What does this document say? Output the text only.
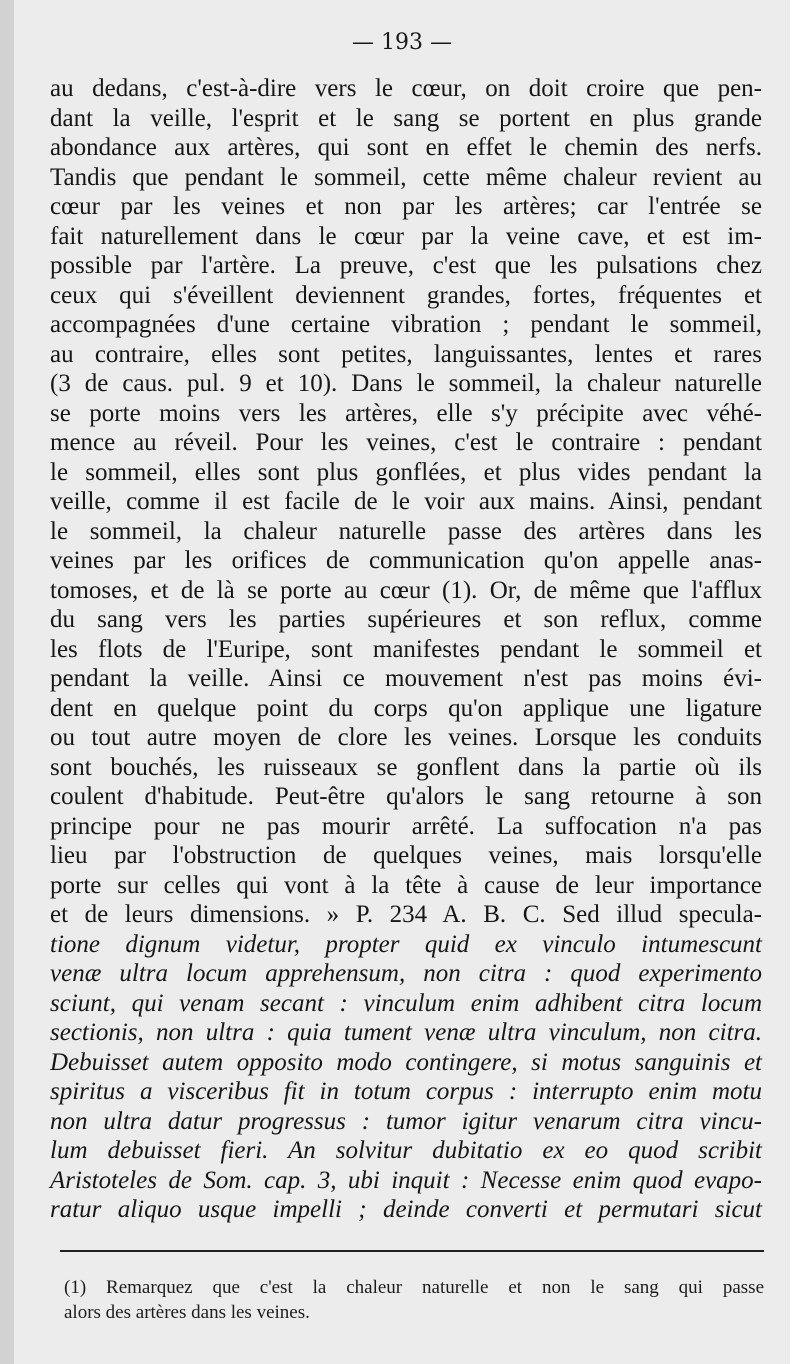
— 193 —
au dedans, c'est-à-dire vers le cœur, on doit croire que pen-
dant la veille, l'esprit et le sang se portent en plus grande
abondance aux artères, qui sont en effet le chemin des nerfs.
Tandis que pendant le sommeil, cette même chaleur revient au
cœur par les veines et non par les artères; car l'entrée se
fait naturellement dans le cœur par la veine cave, et est im-
possible par l'artère. La preuve, c'est que les pulsations chez
ceux qui s'éveillent deviennent grandes, fortes, fréquentes et
accompagnées d'une certaine vibration ; pendant le sommeil,
au contraire, elles sont petites, languissantes, lentes et rares
(3 de caus. pul. 9 et 10). Dans le sommeil, la chaleur naturelle
se porte moins vers les artères, elle s'y précipite avec véhé-
mence au réveil. Pour les veines, c'est le contraire : pendant
le sommeil, elles sont plus gonflées, et plus vides pendant la
veille, comme il est facile de le voir aux mains. Ainsi, pendant
le sommeil, la chaleur naturelle passe des artères dans les
veines par les orifices de communication qu'on appelle anas-
tomoses, et de là se porte au cœur (1). Or, de même que l'afflux
du sang vers les parties supérieures et son reflux, comme
les flots de l'Euripe, sont manifestes pendant le sommeil et
pendant la veille. Ainsi ce mouvement n'est pas moins évi-
dent en quelque point du corps qu'on applique une ligature
ou tout autre moyen de clore les veines. Lorsque les conduits
sont bouchés, les ruisseaux se gonflent dans la partie où ils
coulent d'habitude. Peut-être qu'alors le sang retourne à son
principe pour ne pas mourir arrêté. La suffocation n'a pas
lieu par l'obstruction de quelques veines, mais lorsqu'elle
porte sur celles qui vont à la tête à cause de leur importance
et de leurs dimensions. » P. 234 A. B. C. Sed illud specula-
tione dignum videtur, propter quid ex vinculo intumescunt
venæ ultra locum apprehensum, non citra : quod experimento
sciunt, qui venam secant : vinculum enim adhibent citra locum
sectionis, non ultra : quia tument venæ ultra vinculum, non citra.
Debuisset autem opposito modo contingere, si motus sanguinis et
spiritus a visceribus fit in totum corpus : interrupto enim motu
non ultra datur progressus : tumor igitur venarum citra vincu-
lum debuisset fieri. An solvitur dubitatio ex eo quod scribit
Aristoteles de Som. cap. 3, ubi inquit : Necesse enim quod evapo-
ratur aliquo usque impelli ; deinde converti et permutari sicut
(1) Remarquez que c'est la chaleur naturelle et non le sang qui passe
alors des artères dans les veines.
